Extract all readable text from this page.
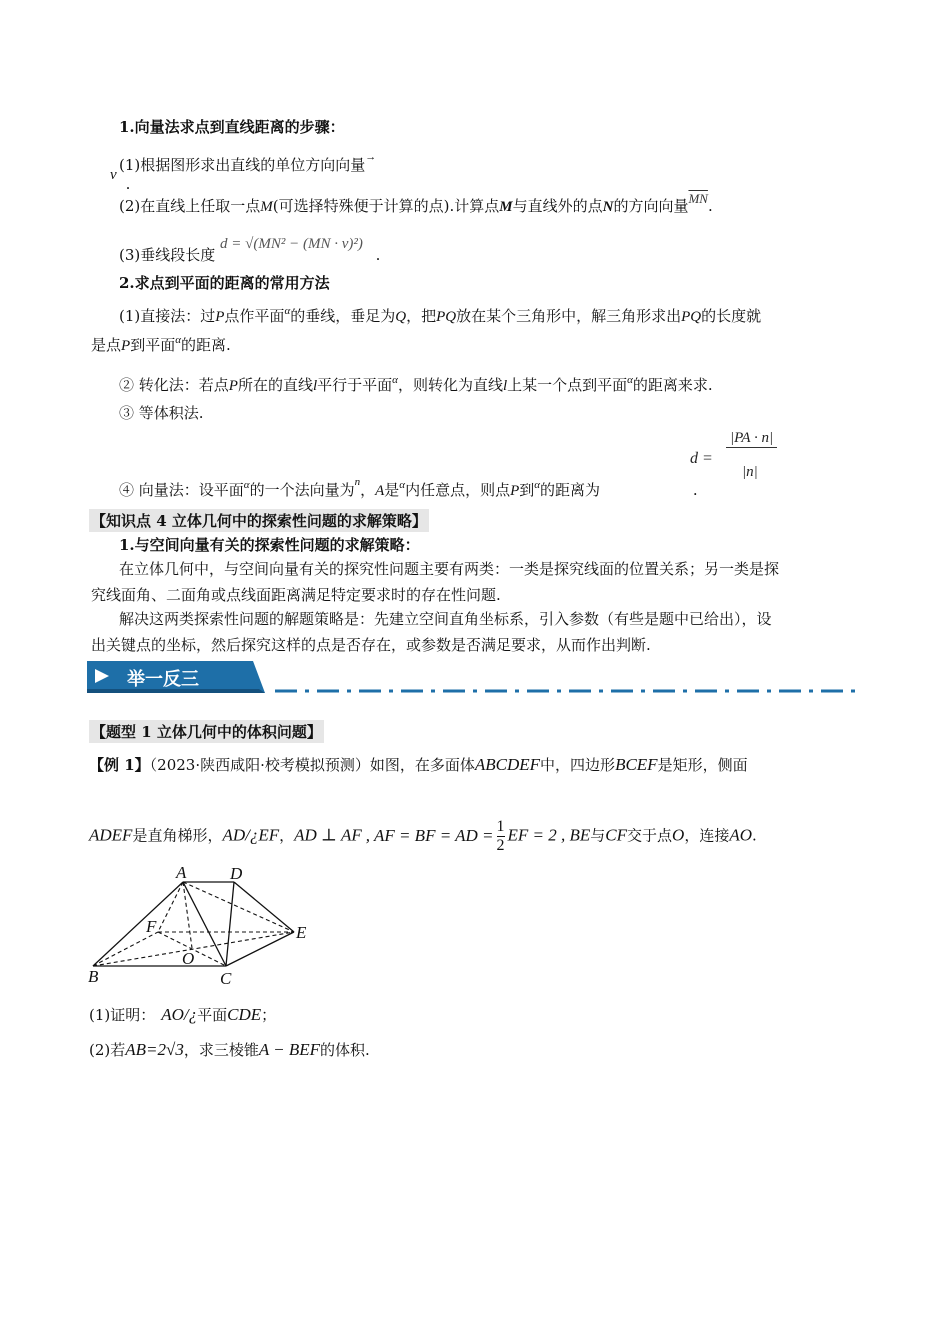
1.向量法求点到直线距离的步骤：
(1)根据图形求出直线的单位方向向量→
v .
(2)在直线上任取一点M(可选择特殊便于计算的点).计算点M与直线外的点N的方向向量$\overline{MN}$.
(3)垂线段长度 d = √(MN² − (MN · v)²) .
2.求点到平面的距离的常用方法
(1)直接法：过P点作平面$^\alpha$的垂线，垂足为Q，把PQ放在某个三角形中，解三角形求出PQ的长度就
是点P到平面$^\alpha$的距离.
② 转化法：若点P所在的直线l平行于平面$^\alpha$，则转化为直线l上某一个点到平面$^\alpha$的距离来求.
③ 等体积法.
d =
|PA · n|
|n|
④ 向量法：设平面$^\alpha$的一个法向量为$^n$，A是$^\alpha$内任意点，则点P到$^\alpha$的距离为	.
【知识点 4 立体几何中的探索性问题的求解策略】
1.与空间向量有关的探索性问题的求解策略：
在立体几何中，与空间向量有关的探究性问题主要有两类：一类是探究线面的位置关系；另一类是探
究线面角、二面角或点线面距离满足特定要求时的存在性问题.
解决这两类探索性问题的解题策略是：先建立空间直角坐标系，引入参数（有些是题中已给出），设
出关键点的坐标，然后探究这样的点是否存在，或参数是否满足要求，从而作出判断.
举一反三
【题型 1 立体几何中的体积问题】
【例 1】（2023·陕西咸阳·校考模拟预测）如图，在多面体ABCDEF中，四边形BCEF是矩形，侧面
ADEF是直角梯形，AD/¿EF，AD ⊥ AF , AF = BF = AD = $\frac{1}{2}$ EF = 2 , BE与CF交于点O，连接AO.
A	D
F	E
O
B	C
(1)证明： AO/¿平面CDE；
(2)若AB=2√3，求三棱锥A − BEF的体积.
